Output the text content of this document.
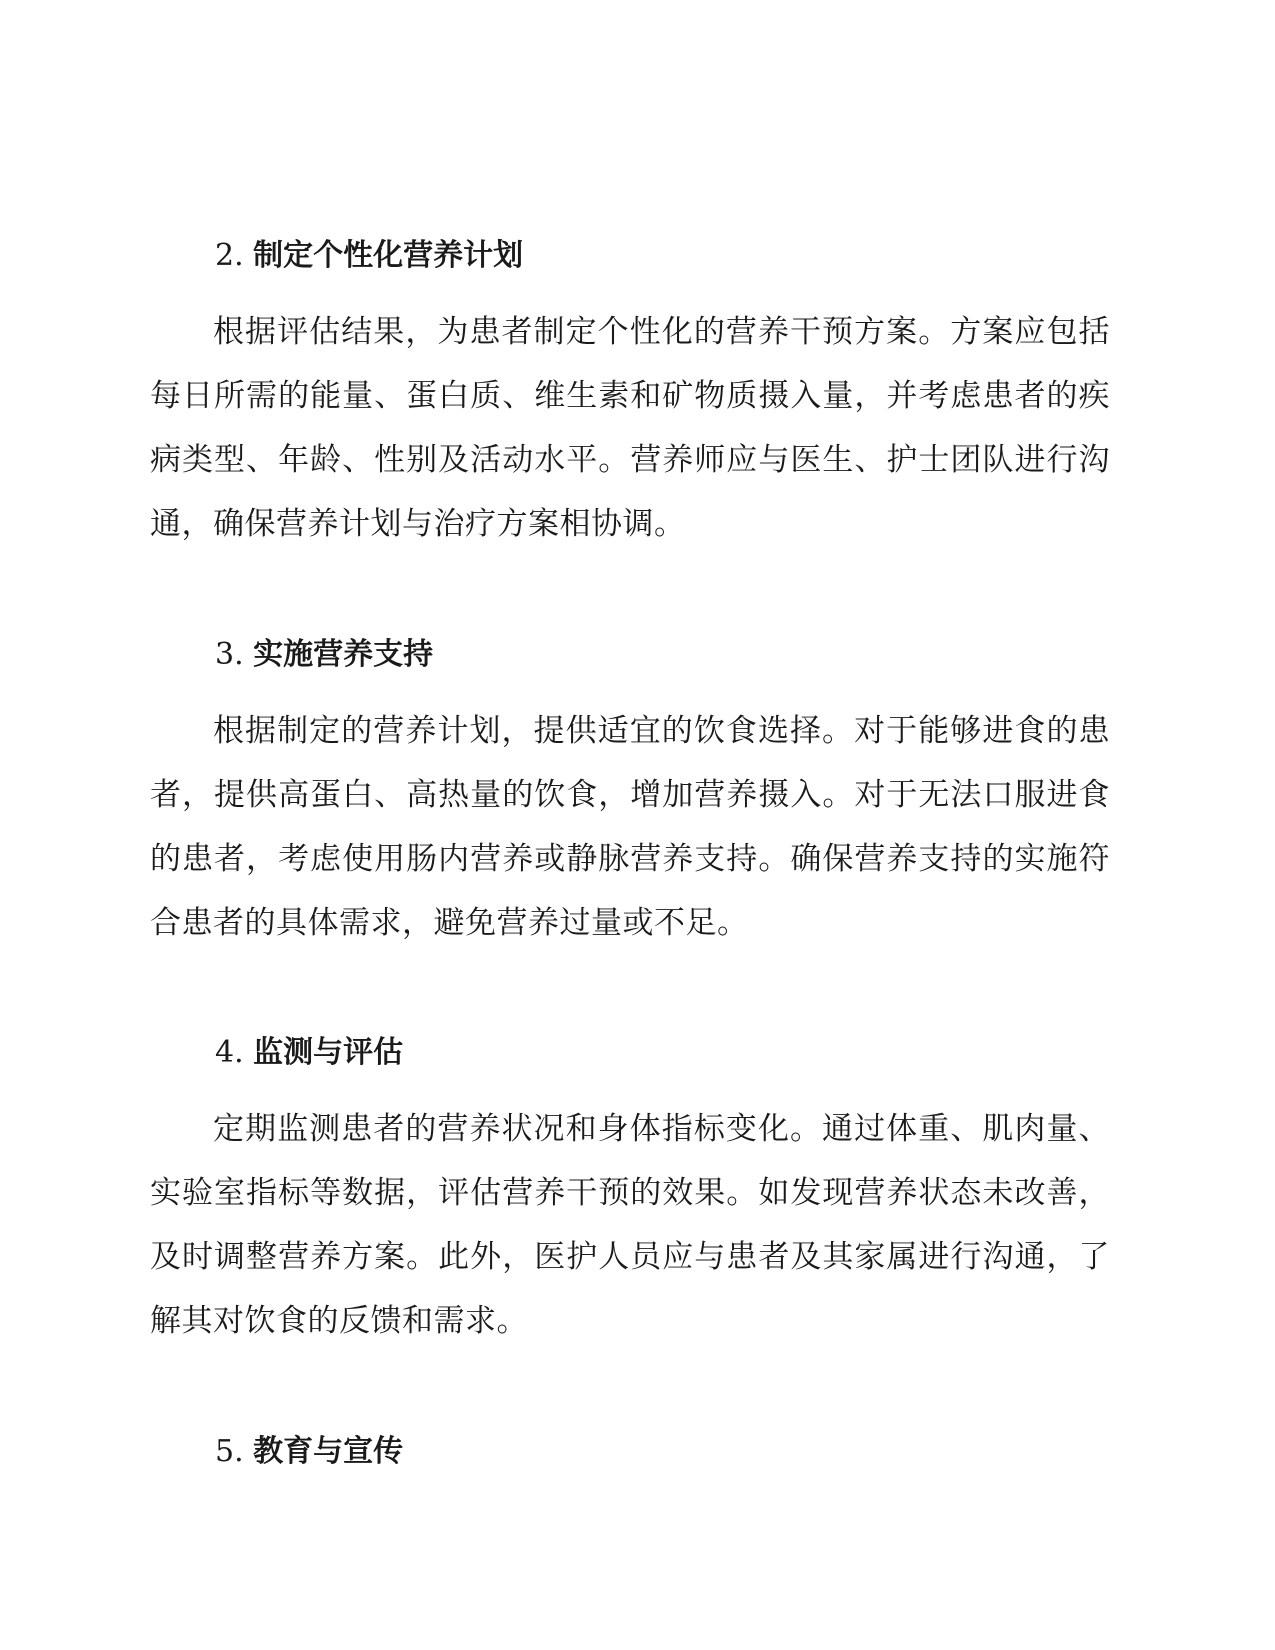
2. 制定个性化营养计划

根据评估结果，为患者制定个性化的营养干预方案。方案应包括每日所需的能量、蛋白质、维生素和矿物质摄入量，并考虑患者的疾病类型、年龄、性别及活动水平。营养师应与医生、护士团队进行沟通，确保营养计划与治疗方案相协调。

3. 实施营养支持

根据制定的营养计划，提供适宜的饮食选择。对于能够进食的患者，提供高蛋白、高热量的饮食，增加营养摄入。对于无法口服进食的患者，考虑使用肠内营养或静脉营养支持。确保营养支持的实施符合患者的具体需求，避免营养过量或不足。

4. 监测与评估

定期监测患者的营养状况和身体指标变化。通过体重、肌肉量、实验室指标等数据，评估营养干预的效果。如发现营养状态未改善，及时调整营养方案。此外，医护人员应与患者及其家属进行沟通，了解其对饮食的反馈和需求。

5. 教育与宣传
